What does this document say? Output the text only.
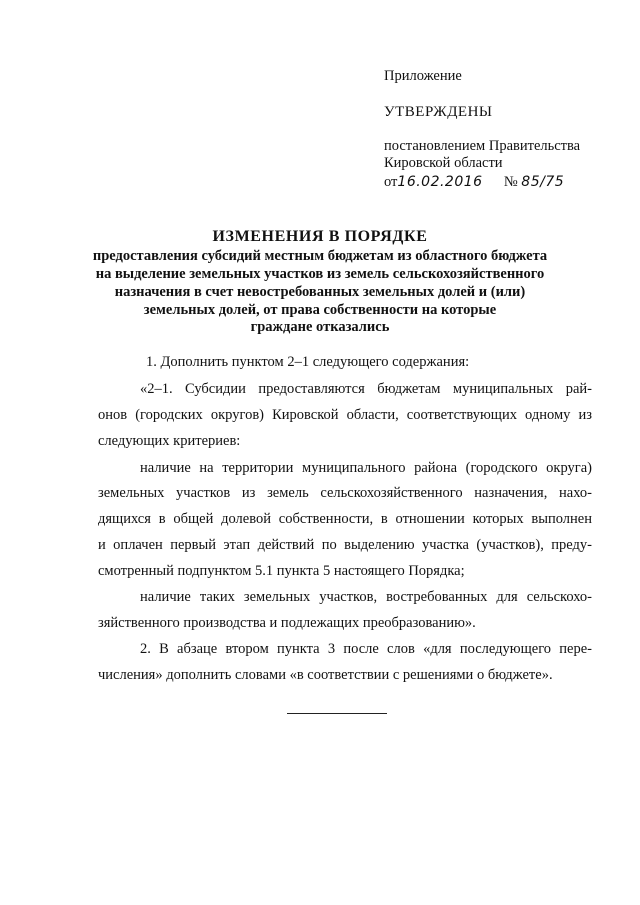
Приложение
УТВЕРЖДЕНЫ
постановлением Правительства
Кировской области
от16.02.2016 № 85/75
ИЗМЕНЕНИЯ В ПОРЯДКЕ
предоставления субсидий местным бюджетам из областного бюджета
на выделение земельных участков из земель сельскохозяйственного
назначения в счет невостребованных земельных долей и (или)
земельных долей, от права собственности на которые
граждане отказались
1. Дополнить пунктом 2–1 следующего содержания:
«2–1. Субсидии предоставляются бюджетам муниципальных рай-
онов (городских округов) Кировской области, соответствующих одному из
следующих критериев:
наличие на территории муниципального района (городского округа)
земельных участков из земель сельскохозяйственного назначения, нахо-
дящихся в общей долевой собственности, в отношении которых выполнен
и оплачен первый этап действий по выделению участка (участков), преду-
смотренный подпунктом 5.1 пункта 5 настоящего Порядка;
наличие таких земельных участков, востребованных для сельскохо-
зяйственного производства и подлежащих преобразованию».
2. В абзаце втором пункта 3 после слов «для последующего пере-
числения» дополнить словами «в соответствии с решениями о бюджете».
